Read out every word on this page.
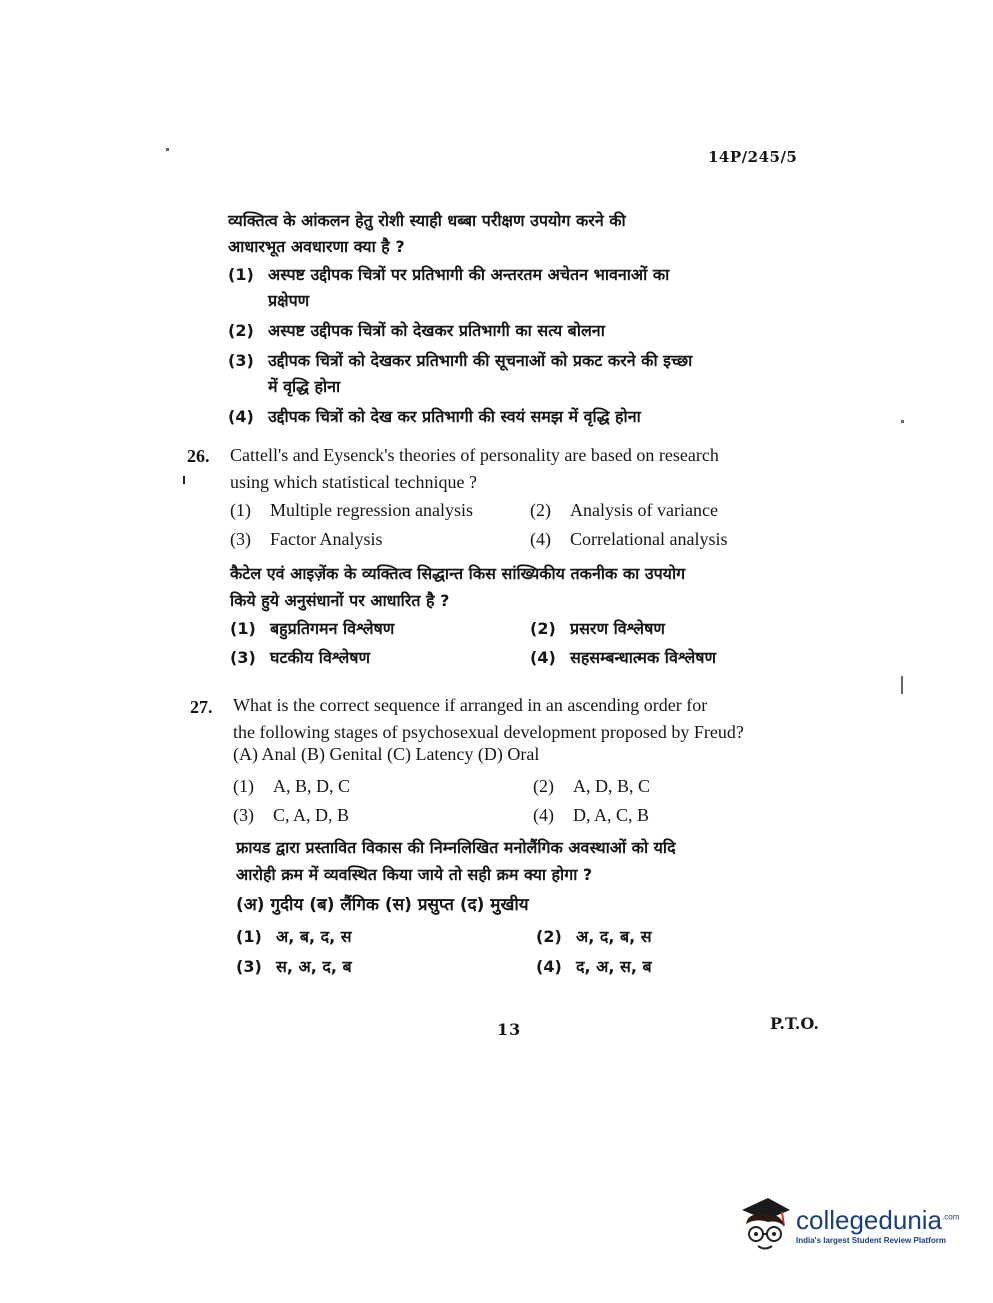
14P/245/5
व्यक्तित्व के आंकलन हेतु रोशी स्याही धब्बा परीक्षण उपयोग करने की
आधारभूत अवधारणा क्या है ?
(1) अस्पष्ट उद्दीपक चित्रों पर प्रतिभागी की अन्तरतम अचेतन भावनाओं का
प्रक्षेपण
(2) अस्पष्ट उद्दीपक चित्रों को देखकर प्रतिभागी का सत्य बोलना
(3) उद्दीपक चित्रों को देखकर प्रतिभागी की सूचनाओं को प्रकट करने की इच्छा
में वृद्धि होना
(4) उद्दीपक चित्रों को देख कर प्रतिभागी की स्वयं समझ में वृद्धि होना
26. Cattell's and Eysenck's theories of personality are based on research
using which statistical technique ?
(1)	Multiple regression analysis	(2)	Analysis of variance
(3)	Factor Analysis	(4)	Correlational analysis
कैटेल एवं आइज़ेंक के व्यक्तित्व सिद्धान्त किस सांख्यिकीय तकनीक का उपयोग
किये हुये अनुसंधानों पर आधारित है ?
(1) बहुप्रतिगमन विश्लेषण	(2) प्रसरण विश्लेषण
(3) घटकीय विश्लेषण	(4) सहसम्बन्धात्मक विश्लेषण
27. What is the correct sequence if arranged in an ascending order for
the following stages of psychosexual development proposed by Freud?
(A) Anal (B) Genital (C) Latency (D) Oral
(1)	A, B, D, C	(2)	A, D, B, C
(3)	C, A, D, B	(4)	D, A, C, B
फ्रायड द्वारा प्रस्तावित विकास की निम्नलिखित मनोलैंगिक अवस्थाओं को यदि
आरोही क्रम में व्यवस्थित किया जाये तो सही क्रम क्या होगा ?
(अ) गुदीय (ब) लैंगिक (स) प्रसुप्त (द) मुखीय
(1) अ, ब, द, स	(2) अ, द, ब, स
(3) स, अ, द, ब	(4) द, अ, स, ब
13	P.T.O.
collegedunia$^{.com}$
India's largest Student Review Platform
